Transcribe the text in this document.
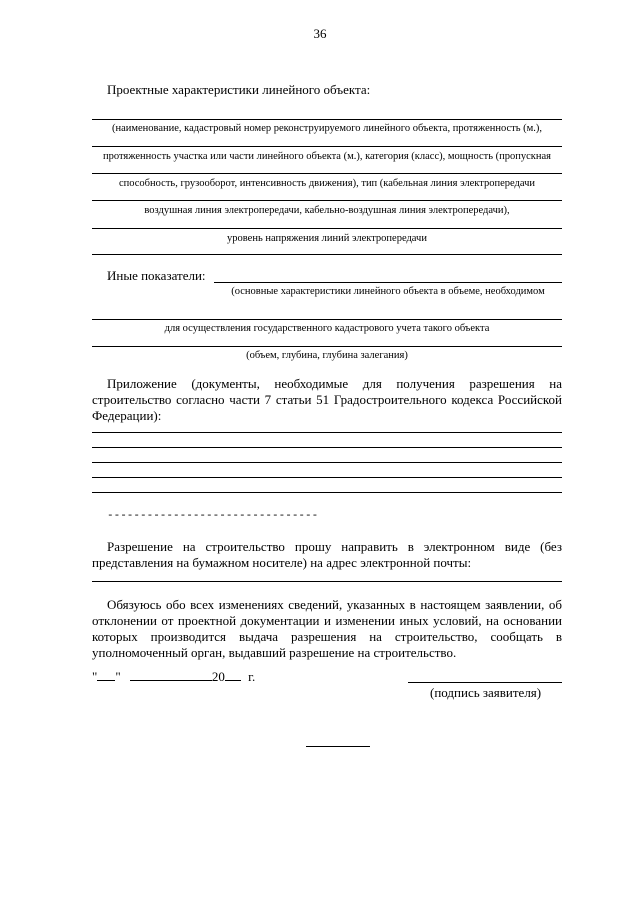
36
Проектные характеристики линейного объекта:
(наименование, кадастровый номер реконструируемого линейного объекта, протяженность (м.),
протяженность участка или части линейного объекта (м.), категория (класс), мощность (пропускная
способность, грузооборот, интенсивность движения), тип (кабельная линия электропередачи
воздушная линия электропередачи, кабельно-воздушная линия электропередачи),
уровень напряжения линий электропередачи
Иные показатели:
(основные характеристики линейного объекта в объеме, необходимом
для осуществления государственного кадастрового учета такого объекта
(объем, глубина, глубина залегания)
Приложение (документы, необходимые для получения разрешения на строительство согласно части 7 статьи 51 Градостроительного кодекса Российской Федерации):
--------------------------------
Разрешение на строительство прошу направить в электронном виде (без представления на бумажном носителе) на адрес электронной почты:
Обязуюсь обо всех изменениях сведений, указанных в настоящем заявлении, об отклонении от проектной документации и изменении иных условий, на основании которых производится выдача разрешения на строительство, сообщать в уполномоченный орган, выдавший разрешение на строительство.
" "	20 г.
(подпись заявителя)
